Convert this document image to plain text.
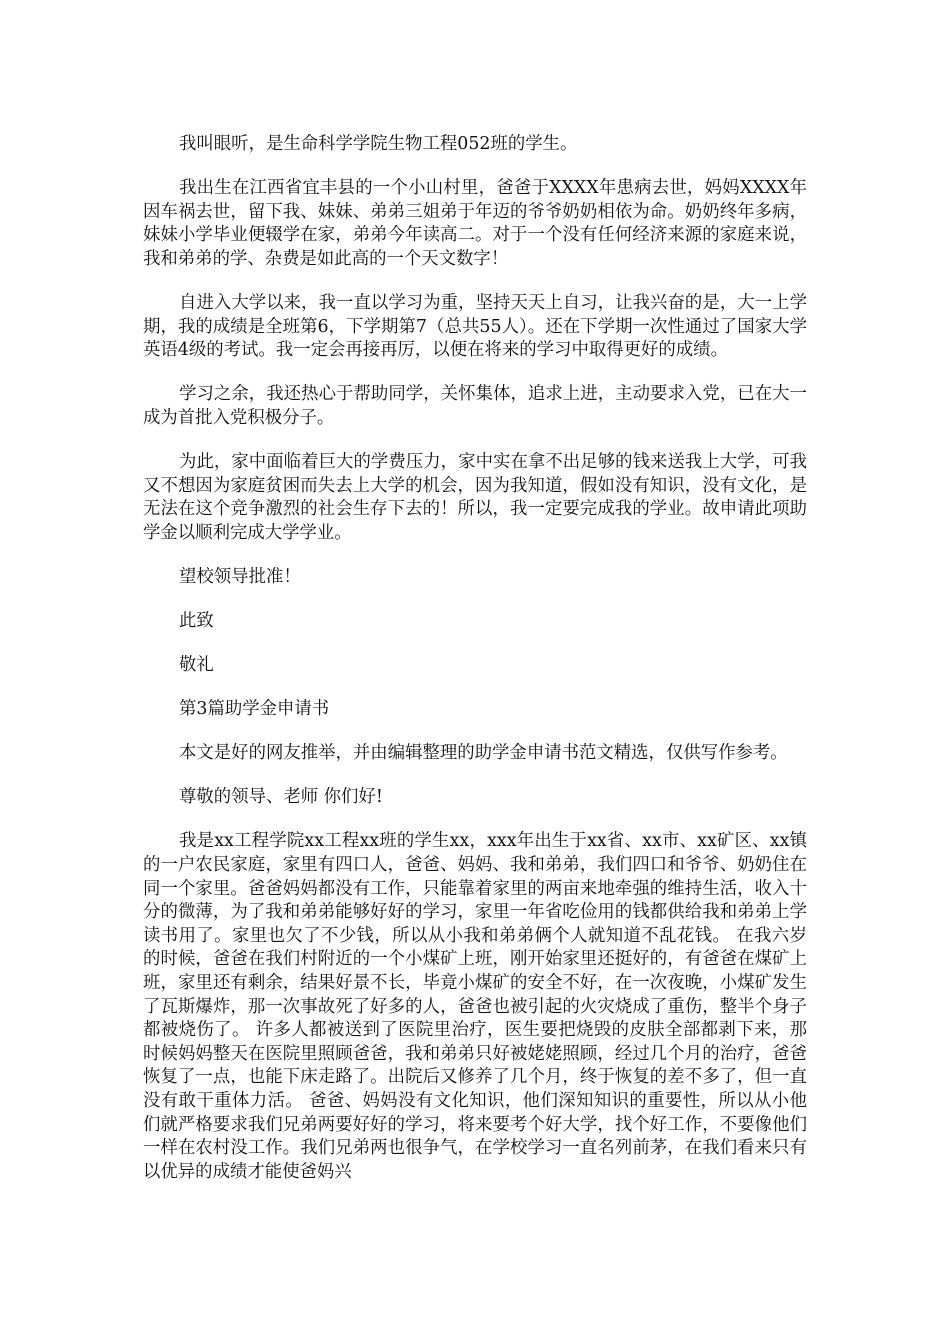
我叫眼听，是生命科学学院生物工程052班的学生。

我出生在江西省宜丰县的一个小山村里，爸爸于XXXX年患病去世，妈妈XXXX年因车祸去世，留下我、妹妹、弟弟三姐弟于年迈的爷爷奶奶相依为命。奶奶终年多病，妹妹小学毕业便辍学在家，弟弟今年读高二。对于一个没有任何经济来源的家庭来说，我和弟弟的学、杂费是如此高的一个天文数字！

自进入大学以来，我一直以学习为重，坚持天天上自习，让我兴奋的是，大一上学期，我的成绩是全班第6，下学期第7（总共55人）。还在下学期一次性通过了国家大学英语4级的考试。我一定会再接再厉，以便在将来的学习中取得更好的成绩。

学习之余，我还热心于帮助同学，关怀集体，追求上进，主动要求入党，已在大一成为首批入党积极分子。

为此，家中面临着巨大的学费压力，家中实在拿不出足够的钱来送我上大学，可我又不想因为家庭贫困而失去上大学的机会，因为我知道，假如没有知识，没有文化，是无法在这个竞争激烈的社会生存下去的！所以，我一定要完成我的学业。故申请此项助学金以顺利完成大学学业。

望校领导批准！

此致

敬礼

第3篇助学金申请书

本文是好的网友推举，并由编辑整理的助学金申请书范文精选，仅供写作参考。

尊敬的领导、老师 你们好!

我是xx工程学院xx工程xx班的学生xx，xxx年出生于xx省、xx市、xx矿区、xx镇的一户农民家庭，家里有四口人，爸爸、妈妈、我和弟弟，我们四口和爷爷、奶奶住在同一个家里。爸爸妈妈都没有工作，只能靠着家里的两亩来地牵强的维持生活，收入十分的微薄，为了我和弟弟能够好好的学习，家里一年省吃俭用的钱都供给我和弟弟上学读书用了。家里也欠了不少钱，所以从小我和弟弟俩个人就知道不乱花钱。 在我六岁的时候，爸爸在我们村附近的一个小煤矿上班，刚开始家里还挺好的，有爸爸在煤矿上班，家里还有剩余，结果好景不长，毕竟小煤矿的安全不好，在一次夜晚，小煤矿发生了瓦斯爆炸，那一次事故死了好多的人，爸爸也被引起的火灾烧成了重伤，整半个身子都被烧伤了。 许多人都被送到了医院里治疗，医生要把烧毁的皮肤全部都剥下来，那时候妈妈整天在医院里照顾爸爸，我和弟弟只好被姥姥照顾，经过几个月的治疗，爸爸恢复了一点，也能下床走路了。出院后又修养了几个月，终于恢复的差不多了，但一直没有敢干重体力活。 爸爸、妈妈没有文化知识，他们深知知识的重要性，所以从小他们就严格要求我们兄弟两要好好的学习，将来要考个好大学，找个好工作，不要像他们一样在农村没工作。我们兄弟两也很争气，在学校学习一直名列前茅，在我们看来只有以优异的成绩才能使爸妈兴
